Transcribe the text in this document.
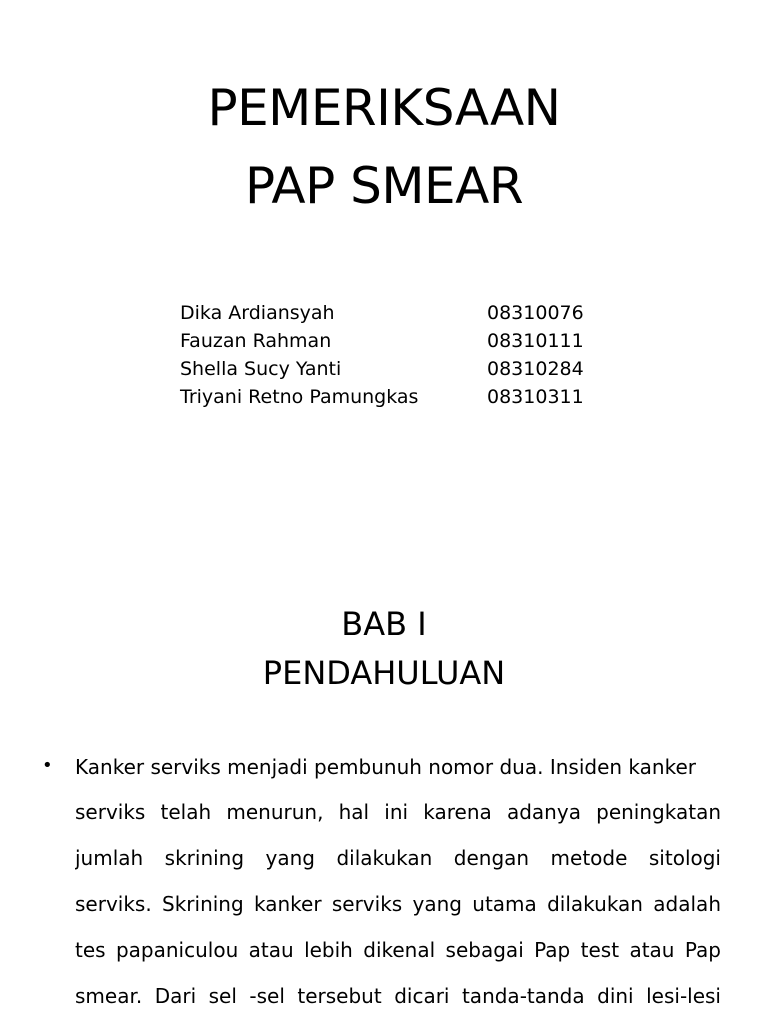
PEMERIKSAAN
PAP SMEAR
Dika Ardiansyah	08310076
Fauzan Rahman	08310111
Shella Sucy Yanti	08310284
Triyani Retno Pamungkas	08310311
BAB I
PENDAHULUAN
• Kanker serviks menjadi pembunuh nomor dua. Insiden kanker
serviks telah menurun, hal ini karena adanya peningkatan
jumlah skrining yang dilakukan dengan metode sitologi
serviks. Skrining kanker serviks yang utama dilakukan adalah
tes papaniculou atau lebih dikenal sebagai Pap test atau Pap
smear. Dari sel -sel tersebut dicari tanda-tanda dini lesi-lesi
